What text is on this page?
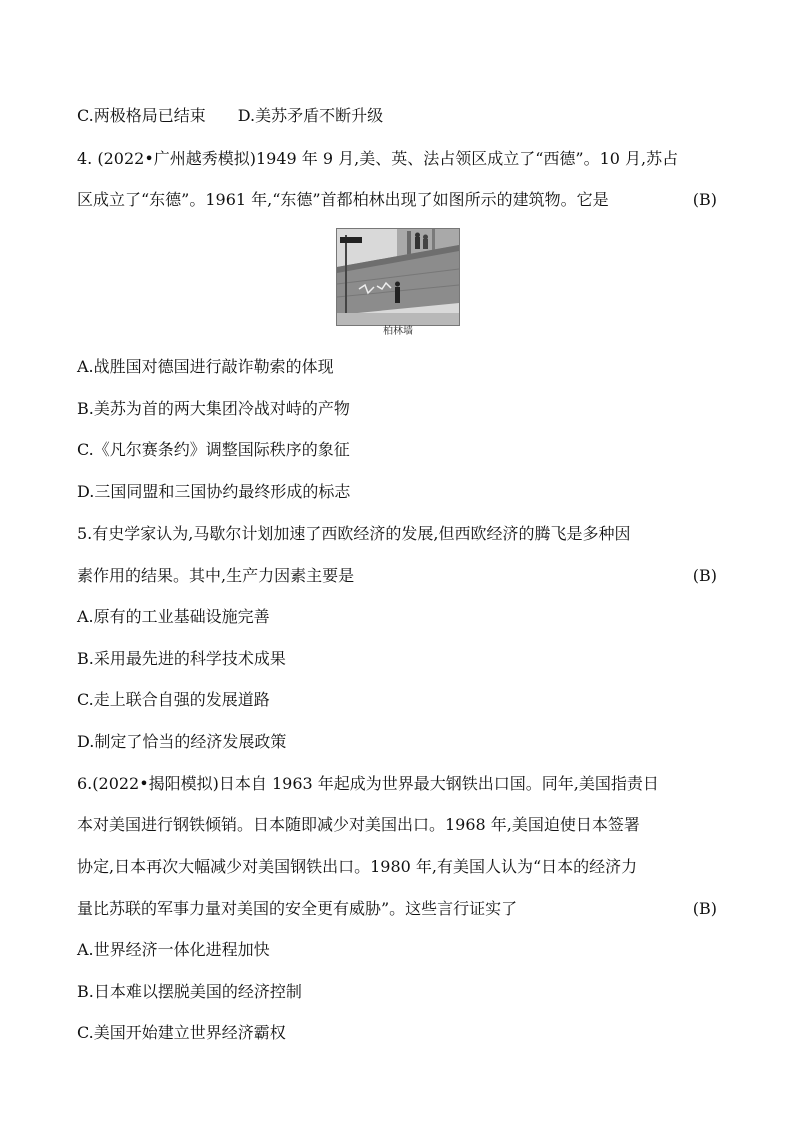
C.两极格局已结束 D.美苏矛盾不断升级
4. (2022•广州越秀模拟)1949 年 9 月,美、英、法占领区成立了“西德”。10 月,苏占
区成立了“东德”。1961 年,“东德”首都柏林出现了如图所示的建筑物。它是	(B)
柏林墙
A.战胜国对德国进行敲诈勒索的体现
B.美苏为首的两大集团冷战对峙的产物
C.《凡尔赛条约》调整国际秩序的象征
D.三国同盟和三国协约最终形成的标志
5.有史学家认为,马歇尔计划加速了西欧经济的发展,但西欧经济的腾飞是多种因
素作用的结果。其中,生产力因素主要是	(B)
A.原有的工业基础设施完善
B.采用最先进的科学技术成果
C.走上联合自强的发展道路
D.制定了恰当的经济发展政策
6.(2022•揭阳模拟)日本自 1963 年起成为世界最大钢铁出口国。同年,美国指责日
本对美国进行钢铁倾销。日本随即减少对美国出口。1968 年,美国迫使日本签署
协定,日本再次大幅减少对美国钢铁出口。1980 年,有美国人认为“日本的经济力
量比苏联的军事力量对美国的安全更有威胁”。这些言行证实了	(B)
A.世界经济一体化进程加快
B.日本难以摆脱美国的经济控制
C.美国开始建立世界经济霸权
